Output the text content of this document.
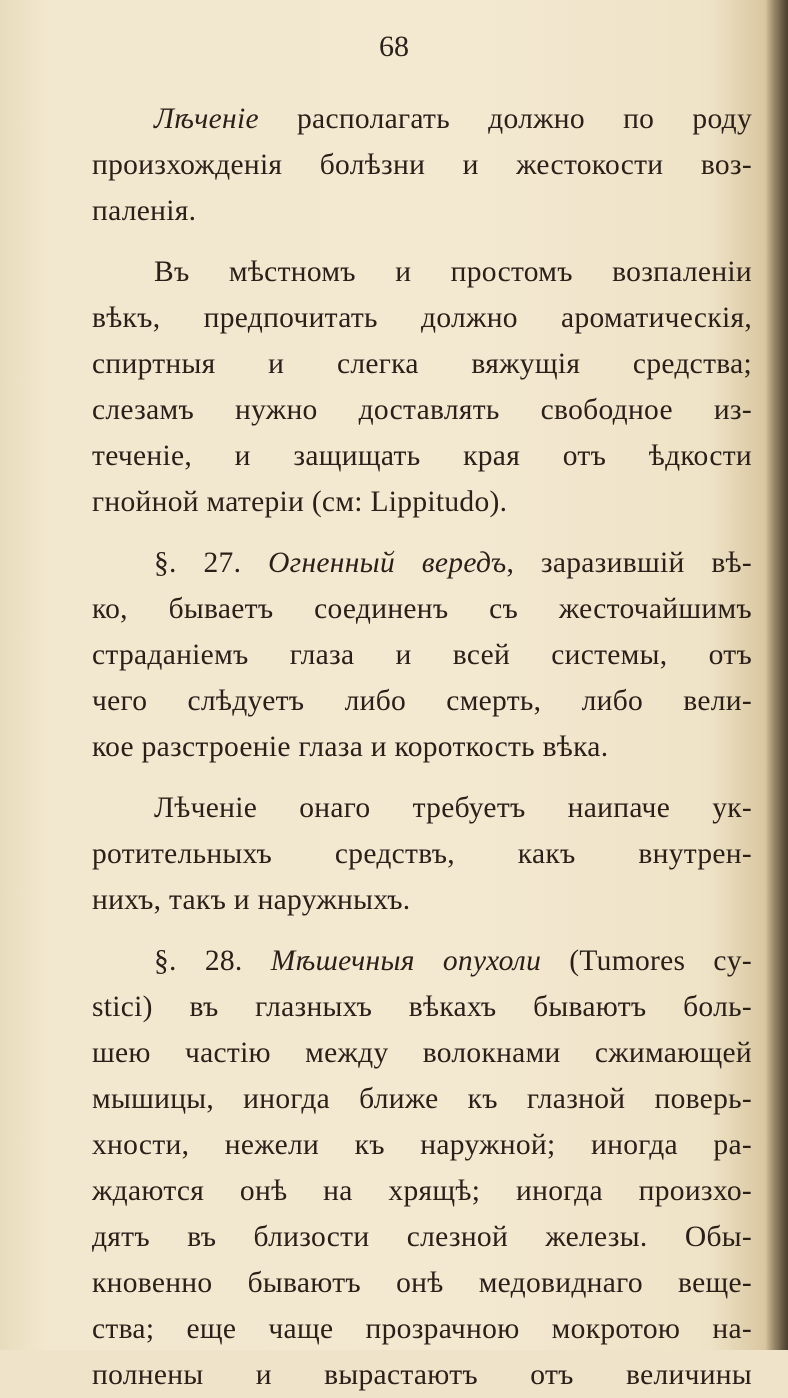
68
Лѣченіе располагать должно по роду
произхожденія болѣзни и жестокости воз-
паленія.
Въ мѣстномъ и простомъ возпаленіи
вѣкъ, предпочитать должно ароматическія,
спиртныя и слегка вяжущія средства;
слезамъ нужно доставлять свободное из-
теченіе, и защищать края отъ ѣдкости
гнойной матеріи (см: Lippitudo).
§. 27. Огненный вередъ, заразившій вѣ-
ко, бываетъ соединенъ съ жесточайшимъ
страданіемъ глаза и всей системы, отъ
чего слѣдуетъ либо смерть, либо вели-
кое разстроеніе глаза и короткость вѣка.
Лѣченіе онаго требуетъ наипаче ук-
ротительныхъ средствъ, какъ внутрен-
нихъ, такъ и наружныхъ.
§. 28. Мѣшечныя опухоли (Tumores cy-
stici) въ глазныхъ вѣкахъ бываютъ боль-
шею частію между волокнами сжимающей
мышицы, иногда ближе къ глазной поверь-
хности, нежели къ наружной; иногда ра-
ждаются онѣ на хрящѣ; иногда произхо-
дятъ въ близости слезной железы. Обы-
кновенно бываютъ онѣ медовиднаго веще-
ства; еще чаще прозрачною мокротою на-
полнены и вырастаютъ отъ величины
